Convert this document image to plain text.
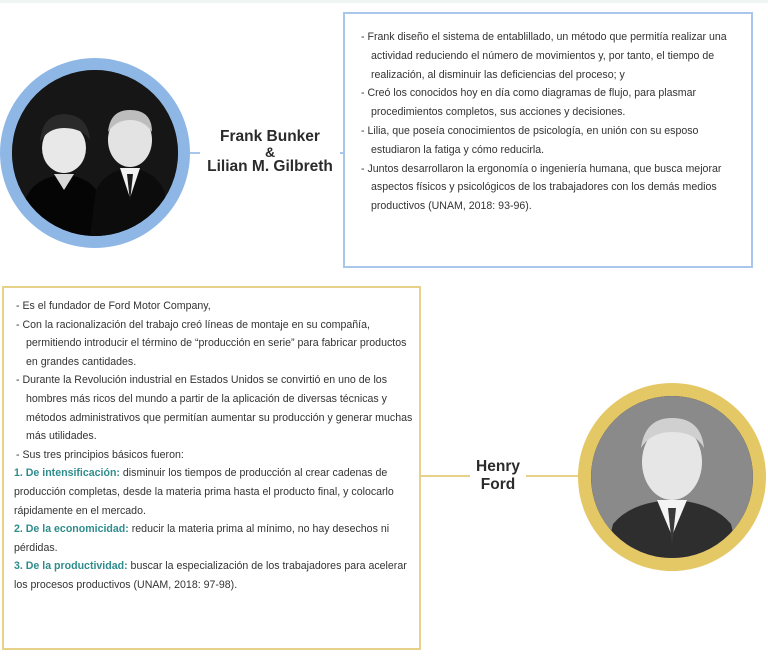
Frank Bunker
&
Lilian M. Gilbreth
- Frank diseño el sistema de entablillado, un método que permitía realizar una actividad reduciendo el número de movimientos y, por tanto, el tiempo de realización, al disminuir las deficiencias del proceso; y
- Creó los conocidos hoy en día como diagramas de flujo, para plasmar procedimientos completos, sus acciones y decisiones.
- Lilia, que poseía conocimientos de psicología, en unión con su esposo estudiaron la fatiga y cómo reducirla.
- Juntos desarrollaron la ergonomía o ingeniería humana, que busca mejorar aspectos físicos y psicológicos de los trabajadores con los demás medios productivos (UNAM, 2018: 93-96).
- Es el fundador de Ford Motor Company,
- Con la racionalización del trabajo creó líneas de montaje en su compañía, permitiendo introducir el término de “producción en serie” para fabricar productos en grandes cantidades.
- Durante la Revolución industrial en Estados Unidos se convirtió en uno de los hombres más ricos del mundo a partir de la aplicación de diversas técnicas y métodos administrativos que permitían aumentar su producción y generar muchas más utilidades.
- Sus tres principios básicos fueron:
1. De intensificación: disminuir los tiempos de producción al crear cadenas de producción completas, desde la materia prima hasta el producto final, y colocarlo rápidamente en el mercado.
2. De la economicidad: reducir la materia prima al mínimo, no hay desechos ni pérdidas.
3. De la productividad: buscar la especialización de los trabajadores para acelerar los procesos productivos (UNAM, 2018: 97-98).
Henry
Ford
